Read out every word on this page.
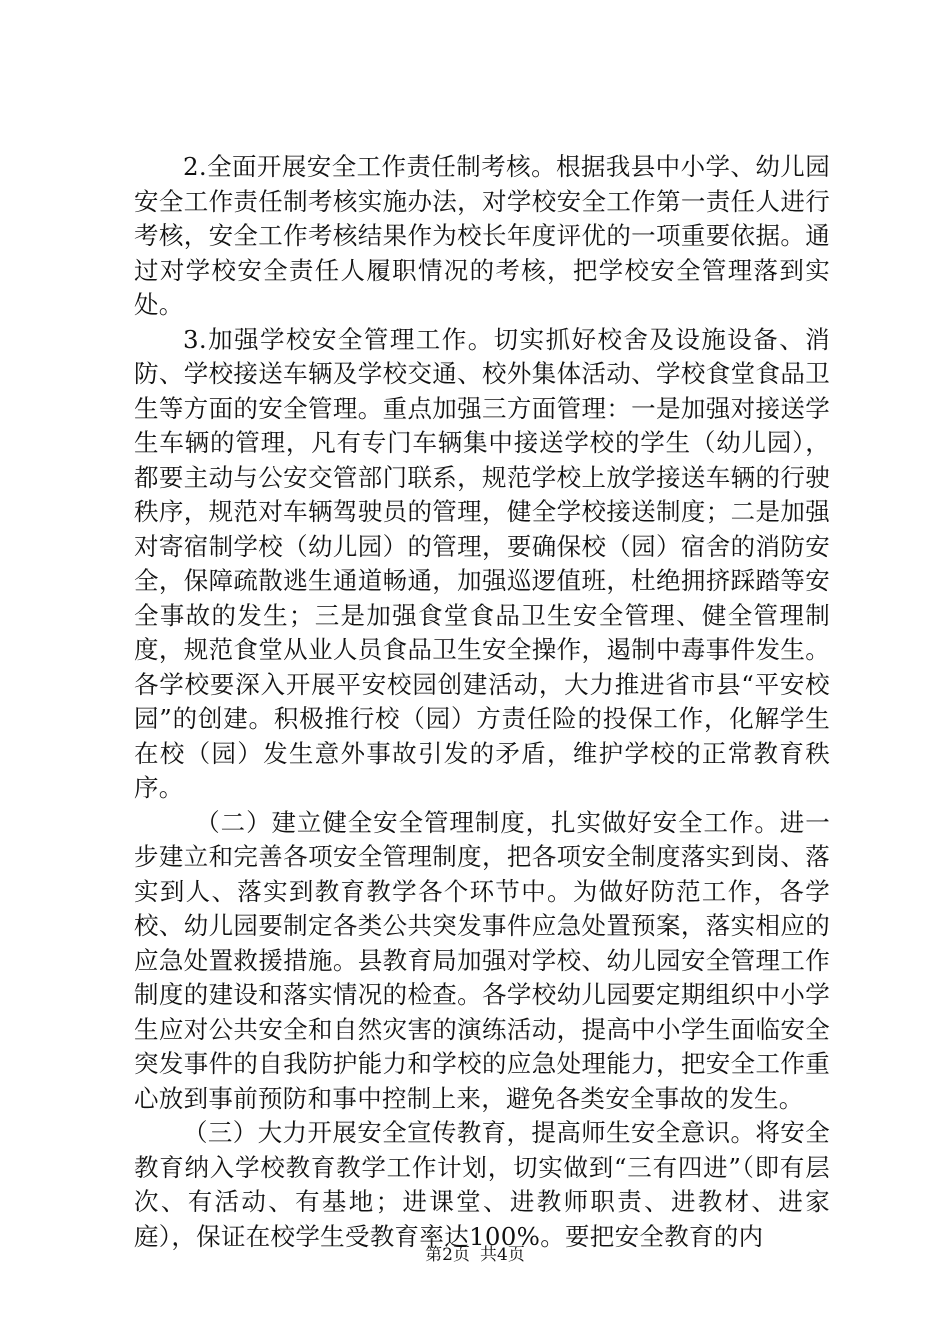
2.全面开展安全工作责任制考核。根据我县中小学、幼儿园安全工作责任制考核实施办法，对学校安全工作第一责任人进行考核，安全工作考核结果作为校长年度评优的一项重要依据。通过对学校安全责任人履职情况的考核，把学校安全管理落到实处。

3.加强学校安全管理工作。切实抓好校舍及设施设备、消防、学校接送车辆及学校交通、校外集体活动、学校食堂食品卫生等方面的安全管理。重点加强三方面管理：一是加强对接送学生车辆的管理，凡有专门车辆集中接送学校的学生（幼儿园），都要主动与公安交管部门联系，规范学校上放学接送车辆的行驶秩序，规范对车辆驾驶员的管理，健全学校接送制度；二是加强对寄宿制学校（幼儿园）的管理，要确保校（园）宿舍的消防安全，保障疏散逃生通道畅通，加强巡逻值班，杜绝拥挤踩踏等安全事故的发生；三是加强食堂食品卫生安全管理、健全管理制度，规范食堂从业人员食品卫生安全操作，遏制中毒事件发生。各学校要深入开展平安校园创建活动，大力推进省市县“平安校园”的创建。积极推行校（园）方责任险的投保工作，化解学生在校（园）发生意外事故引发的矛盾，维护学校的正常教育秩序。

（二）建立健全安全管理制度，扎实做好安全工作。进一步建立和完善各项安全管理制度，把各项安全制度落实到岗、落实到人、落实到教育教学各个环节中。为做好防范工作，各学校、幼儿园要制定各类公共突发事件应急处置预案，落实相应的应急处置救援措施。县教育局加强对学校、幼儿园安全管理工作制度的建设和落实情况的检查。各学校幼儿园要定期组织中小学生应对公共安全和自然灾害的演练活动，提高中小学生面临安全突发事件的自我防护能力和学校的应急处理能力，把安全工作重心放到事前预防和事中控制上来，避免各类安全事故的发生。

（三）大力开展安全宣传教育，提高师生安全意识。将安全教育纳入学校教育教学工作计划，切实做到“三有四进”（即有层次、有活动、有基地；进课堂、进教师职责、进教材、进家庭），保证在校学生受教育率达100%。要把安全教育的内

第2页 共4页
